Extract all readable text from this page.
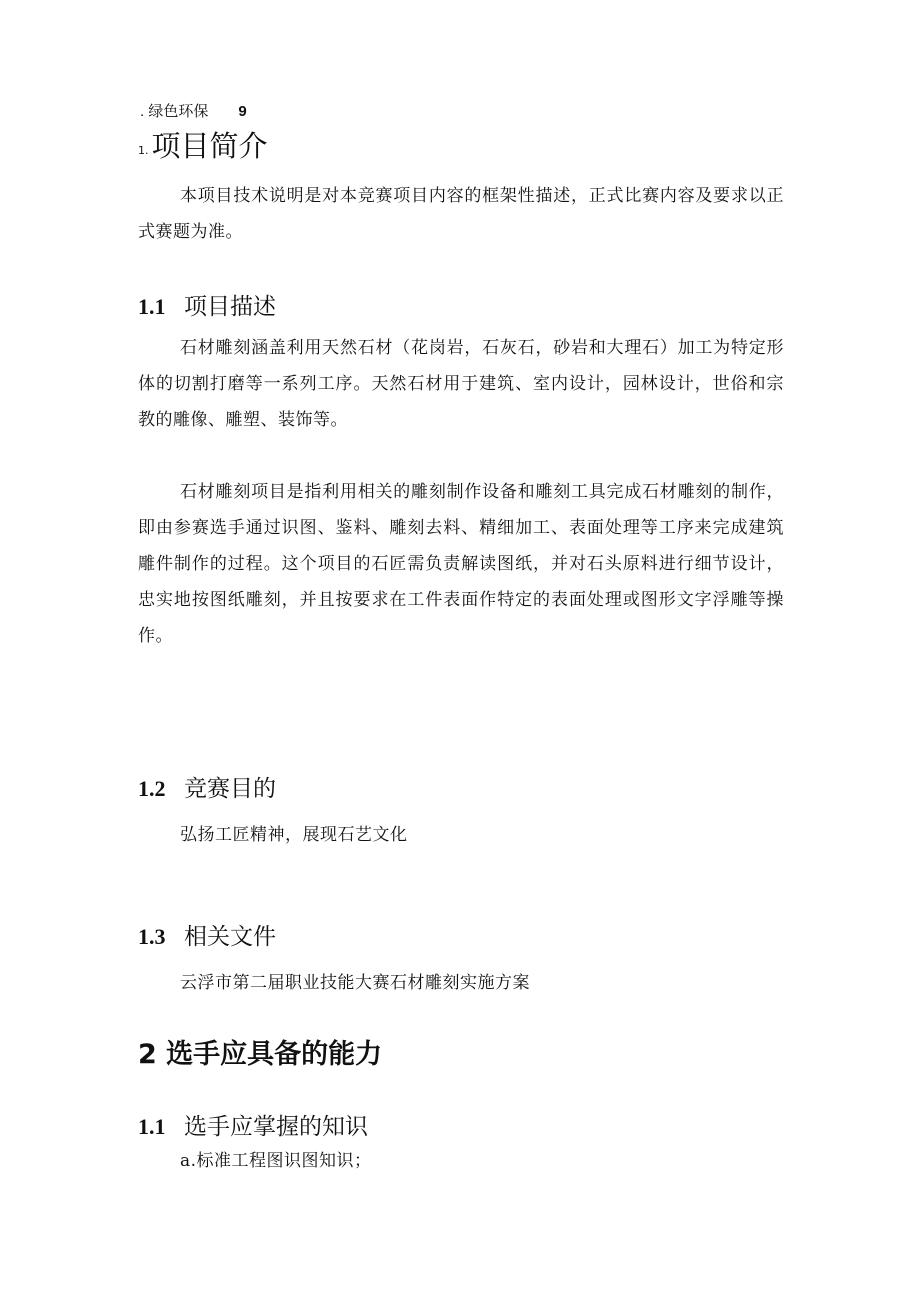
. 绿色环保 9
1. 项目简介
本项目技术说明是对本竞赛项目内容的框架性描述，正式比赛内容及要求以正式赛题为准。
1.1 项目描述
石材雕刻涵盖利用天然石材（花岗岩，石灰石，砂岩和大理石）加工为特定形体的切割打磨等一系列工序。天然石材用于建筑、室内设计，园林设计，世俗和宗教的雕像、雕塑、装饰等。
石材雕刻项目是指利用相关的雕刻制作设备和雕刻工具完成石材雕刻的制作，即由参赛选手通过识图、鉴料、雕刻去料、精细加工、表面处理等工序来完成建筑雕件制作的过程。这个项目的石匠需负责解读图纸，并对石头原料进行细节设计，忠实地按图纸雕刻，并且按要求在工件表面作特定的表面处理或图形文字浮雕等操作。
1.2 竞赛目的
弘扬工匠精神，展现石艺文化
1.3 相关文件
云浮市第二届职业技能大赛石材雕刻实施方案
2 选手应具备的能力
1.1 选手应掌握的知识
a.标准工程图识图知识；
